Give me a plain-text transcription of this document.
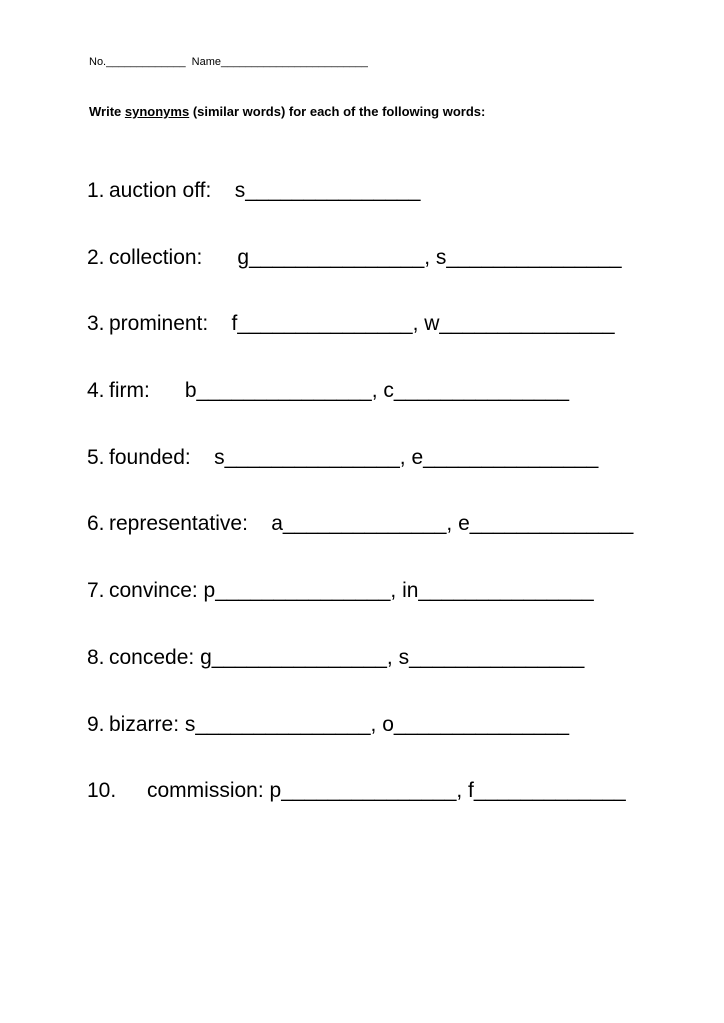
No._____________ Name________________________
Write synonyms (similar words) for each of the following words:
1. auction off:    s_______________
2. collection:      g_______________, s_______________
3. prominent:    f_______________, w_______________
4. firm:      b_______________, c_______________
5. founded:    s_______________, e_______________
6. representative:    a______________, e______________
7. convince: p_______________, in_______________
8. concede: g_______________, s_______________
9. bizarre: s_______________, o_______________
10. commission: p_______________, f_____________
